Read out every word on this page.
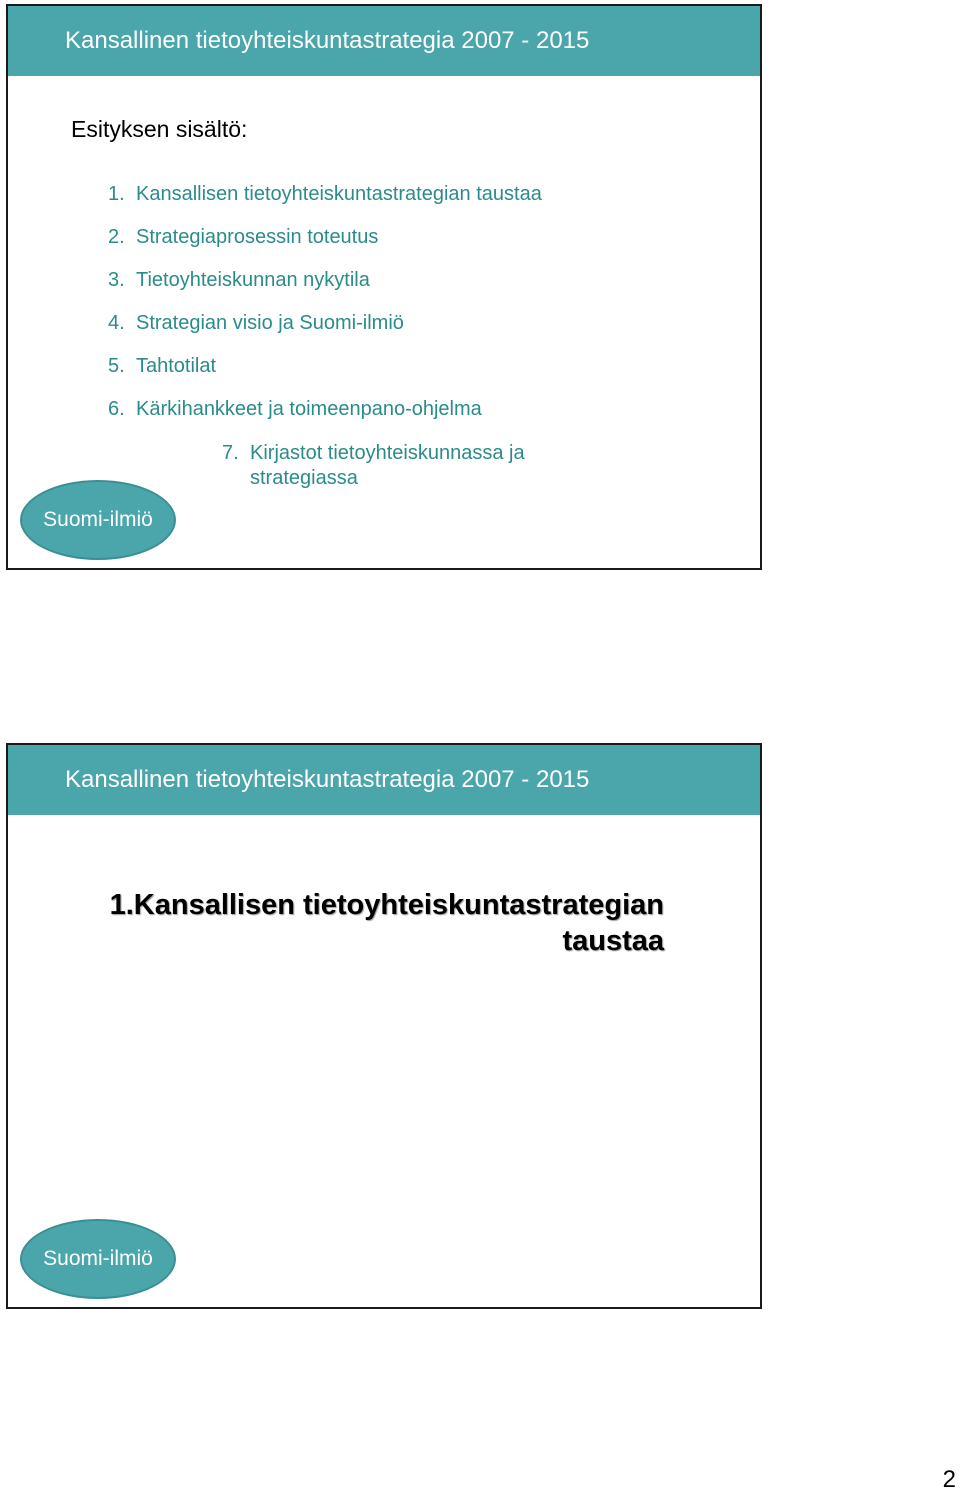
Kansallinen tietoyhteiskuntastrategia 2007 - 2015
Esityksen sisältö:
1. Kansallisen tietoyhteiskuntastrategian taustaa
2. Strategiaprosessin toteutus
3. Tietoyhteiskunnan nykytila
4. Strategian visio ja Suomi-ilmiö
5. Tahtotilat
6. Kärkihankkeet ja toimeenpano-ohjelma
7. Kirjastot tietoyhteiskunnassa ja strategiassa
Suomi-ilmiö
Kansallinen tietoyhteiskuntastrategia 2007 - 2015
1.Kansallisen tietoyhteiskuntastrategian
taustaa
Suomi-ilmiö
2
